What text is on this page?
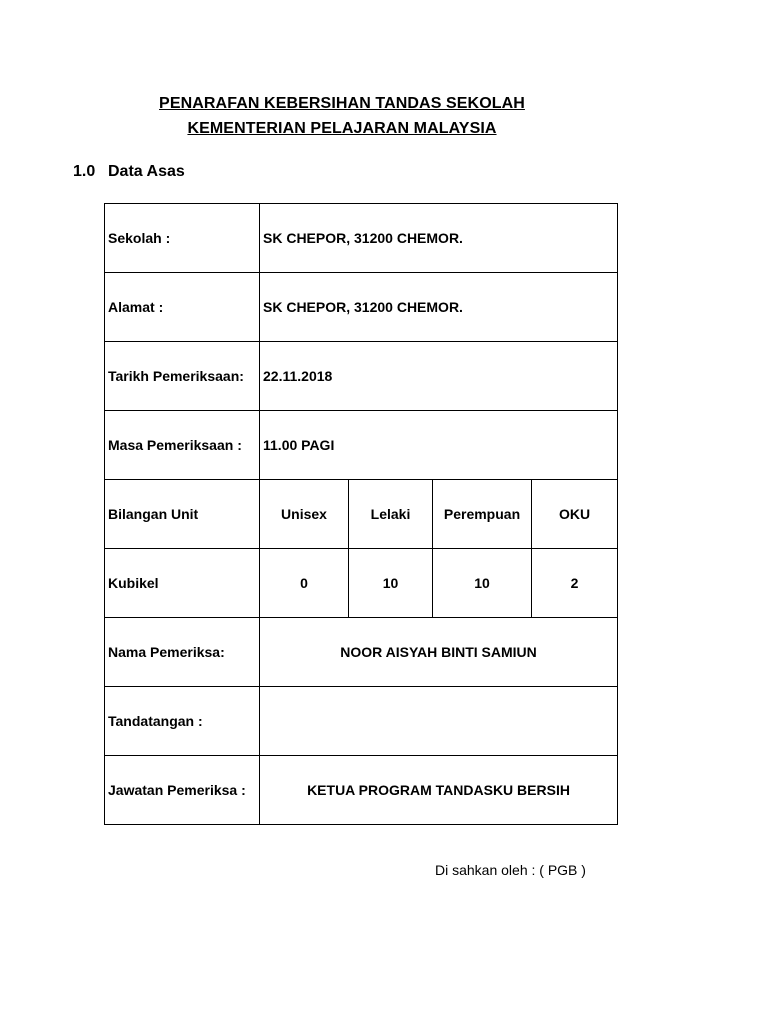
PENARAFAN KEBERSIHAN TANDAS SEKOLAH
KEMENTERIAN PELAJARAN MALAYSIA
1.0 Data Asas
Sekolah :	SK CHEPOR, 31200 CHEMOR.			
Alamat :	SK CHEPOR, 31200 CHEMOR.			
Tarikh Pemeriksaan:	22.11.2018			
Masa Pemeriksaan :	11.00 PAGI			
Bilangan Unit	Unisex	Lelaki	Perempuan	OKU
Kubikel	0	10	10	2
Nama Pemeriksa:	NOOR AISYAH BINTI SAMIUN			
Tandatangan :				
Jawatan Pemeriksa :	KETUA PROGRAM TANDASKU BERSIH			
Di sahkan oleh : ( PGB )
